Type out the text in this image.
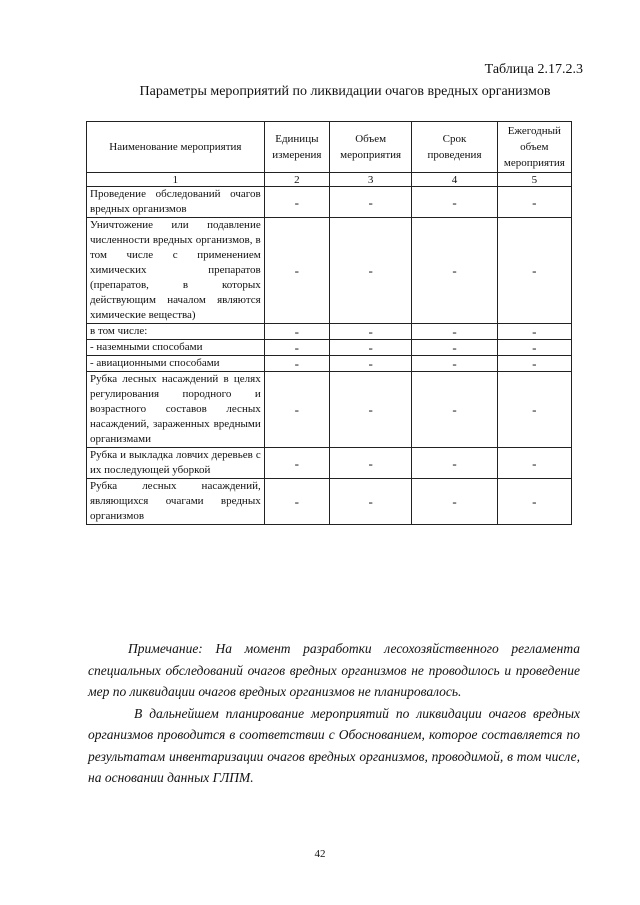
Таблица 2.17.2.3
Параметры мероприятий по ликвидации очагов вредных организмов
Наименование мероприятия	Единицы измерения	Объем мероприятия	Срок проведения	Ежегодный объем мероприятия
1	2	3	4	5
Проведение обследований очагов вредных организмов	-	-	-	-
Уничтожение или подавление численности вредных организмов, в том числе с применением химических препаратов (препаратов, в которых действующим началом являются химические вещества)	-	-	-	-
в том числе:	-	-	-	-
- наземными способами	-	-	-	-
- авиационными способами	-	-	-	-
Рубка лесных насаждений в целях регулирования породного и возрастного составов лесных насаждений, зараженных вредными организмами	-	-	-	-
Рубка и выкладка ловчих деревьев с их последующей уборкой	-	-	-	-
Рубка лесных насаждений, являющихся очагами вредных организмов	-	-	-	-

Примечание: На момент разработки лесохозяйственного регламента специальных обследований очагов вредных организмов не проводилось и проведение мер по ликвидации очагов вредных организмов не планировалось.

В дальнейшем планирование мероприятий по ликвидации очагов вредных организмов проводится в соответствии с Обоснованием, которое составляется по результатам инвентаризации очагов вредных организмов, проводимой, в том числе, на основании данных ГЛПМ.

42
